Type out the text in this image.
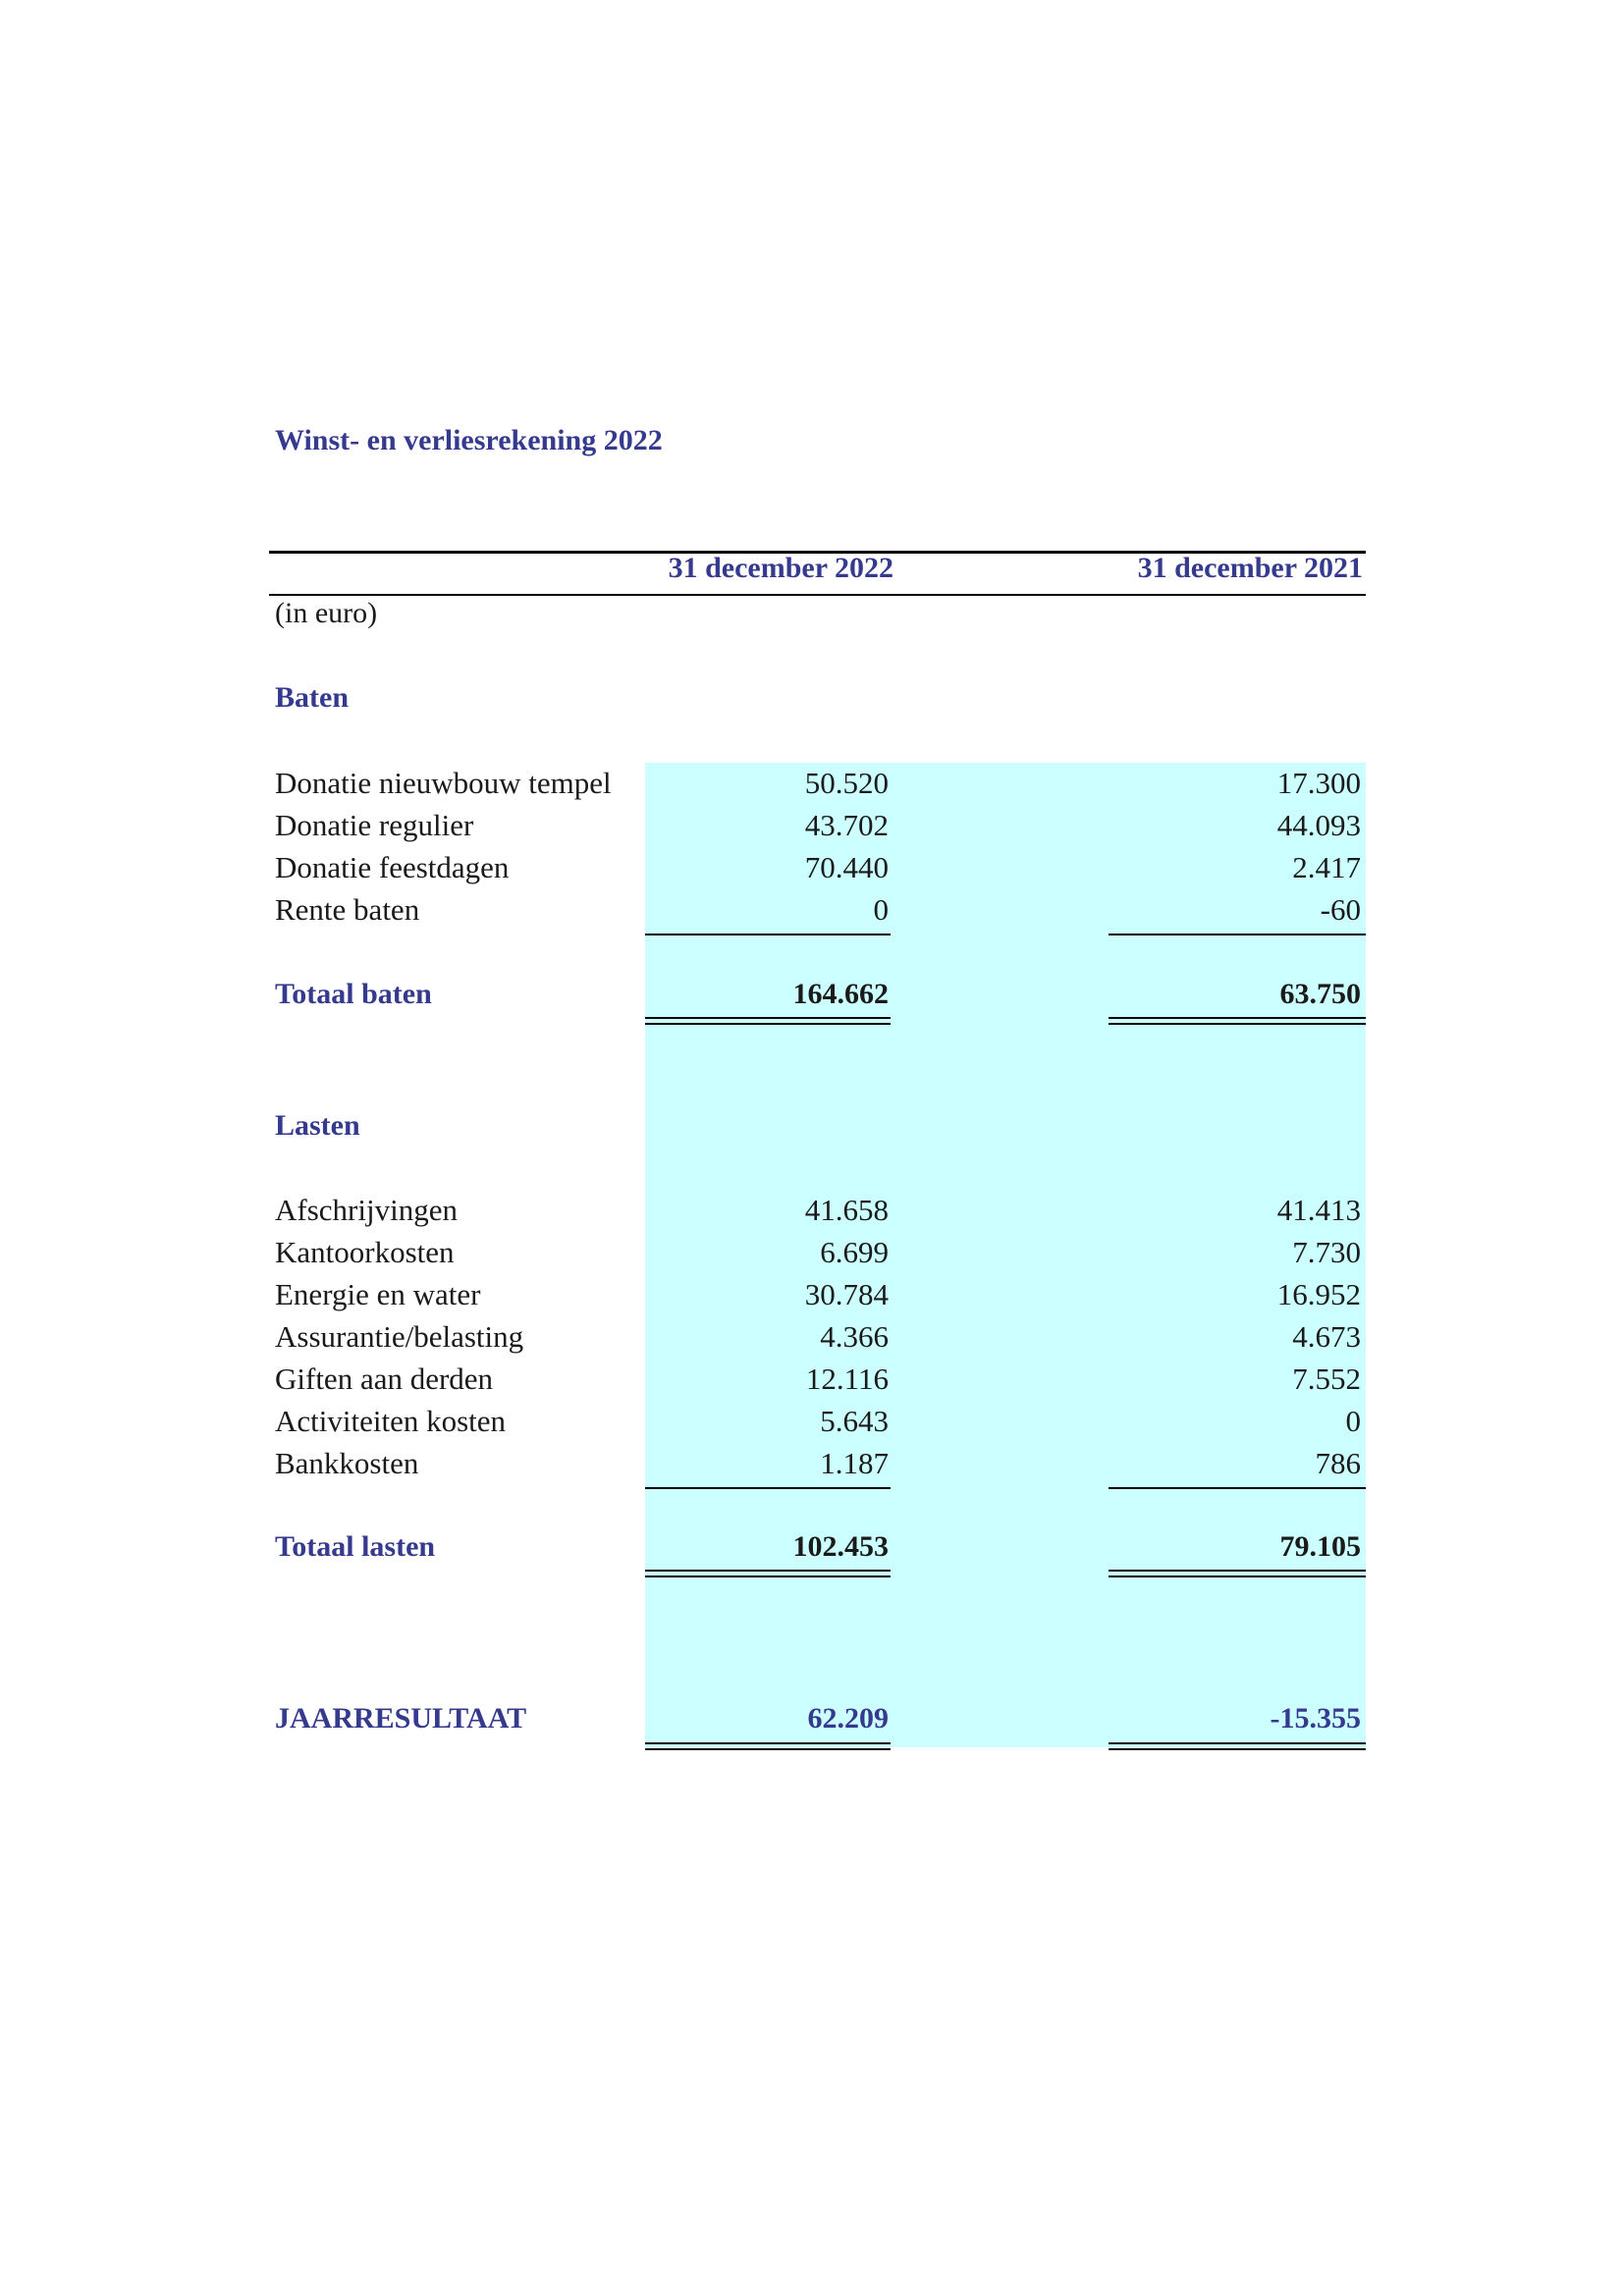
Winst- en verliesrekening 2022
31 december 2022	31 december 2021
(in euro)
Baten
Donatie nieuwbouw tempel	50.520	17.300
Donatie regulier	43.702	44.093
Donatie feestdagen	70.440	2.417
Rente baten	0	-60
Totaal baten	164.662	63.750
Lasten
Afschrijvingen	41.658	41.413
Kantoorkosten	6.699	7.730
Energie en water	30.784	16.952
Assurantie/belasting	4.366	4.673
Giften aan derden	12.116	7.552
Activiteiten kosten	5.643	0
Bankkosten	1.187	786
Totaal lasten	102.453	79.105
JAARRESULTAAT	62.209	-15.355
